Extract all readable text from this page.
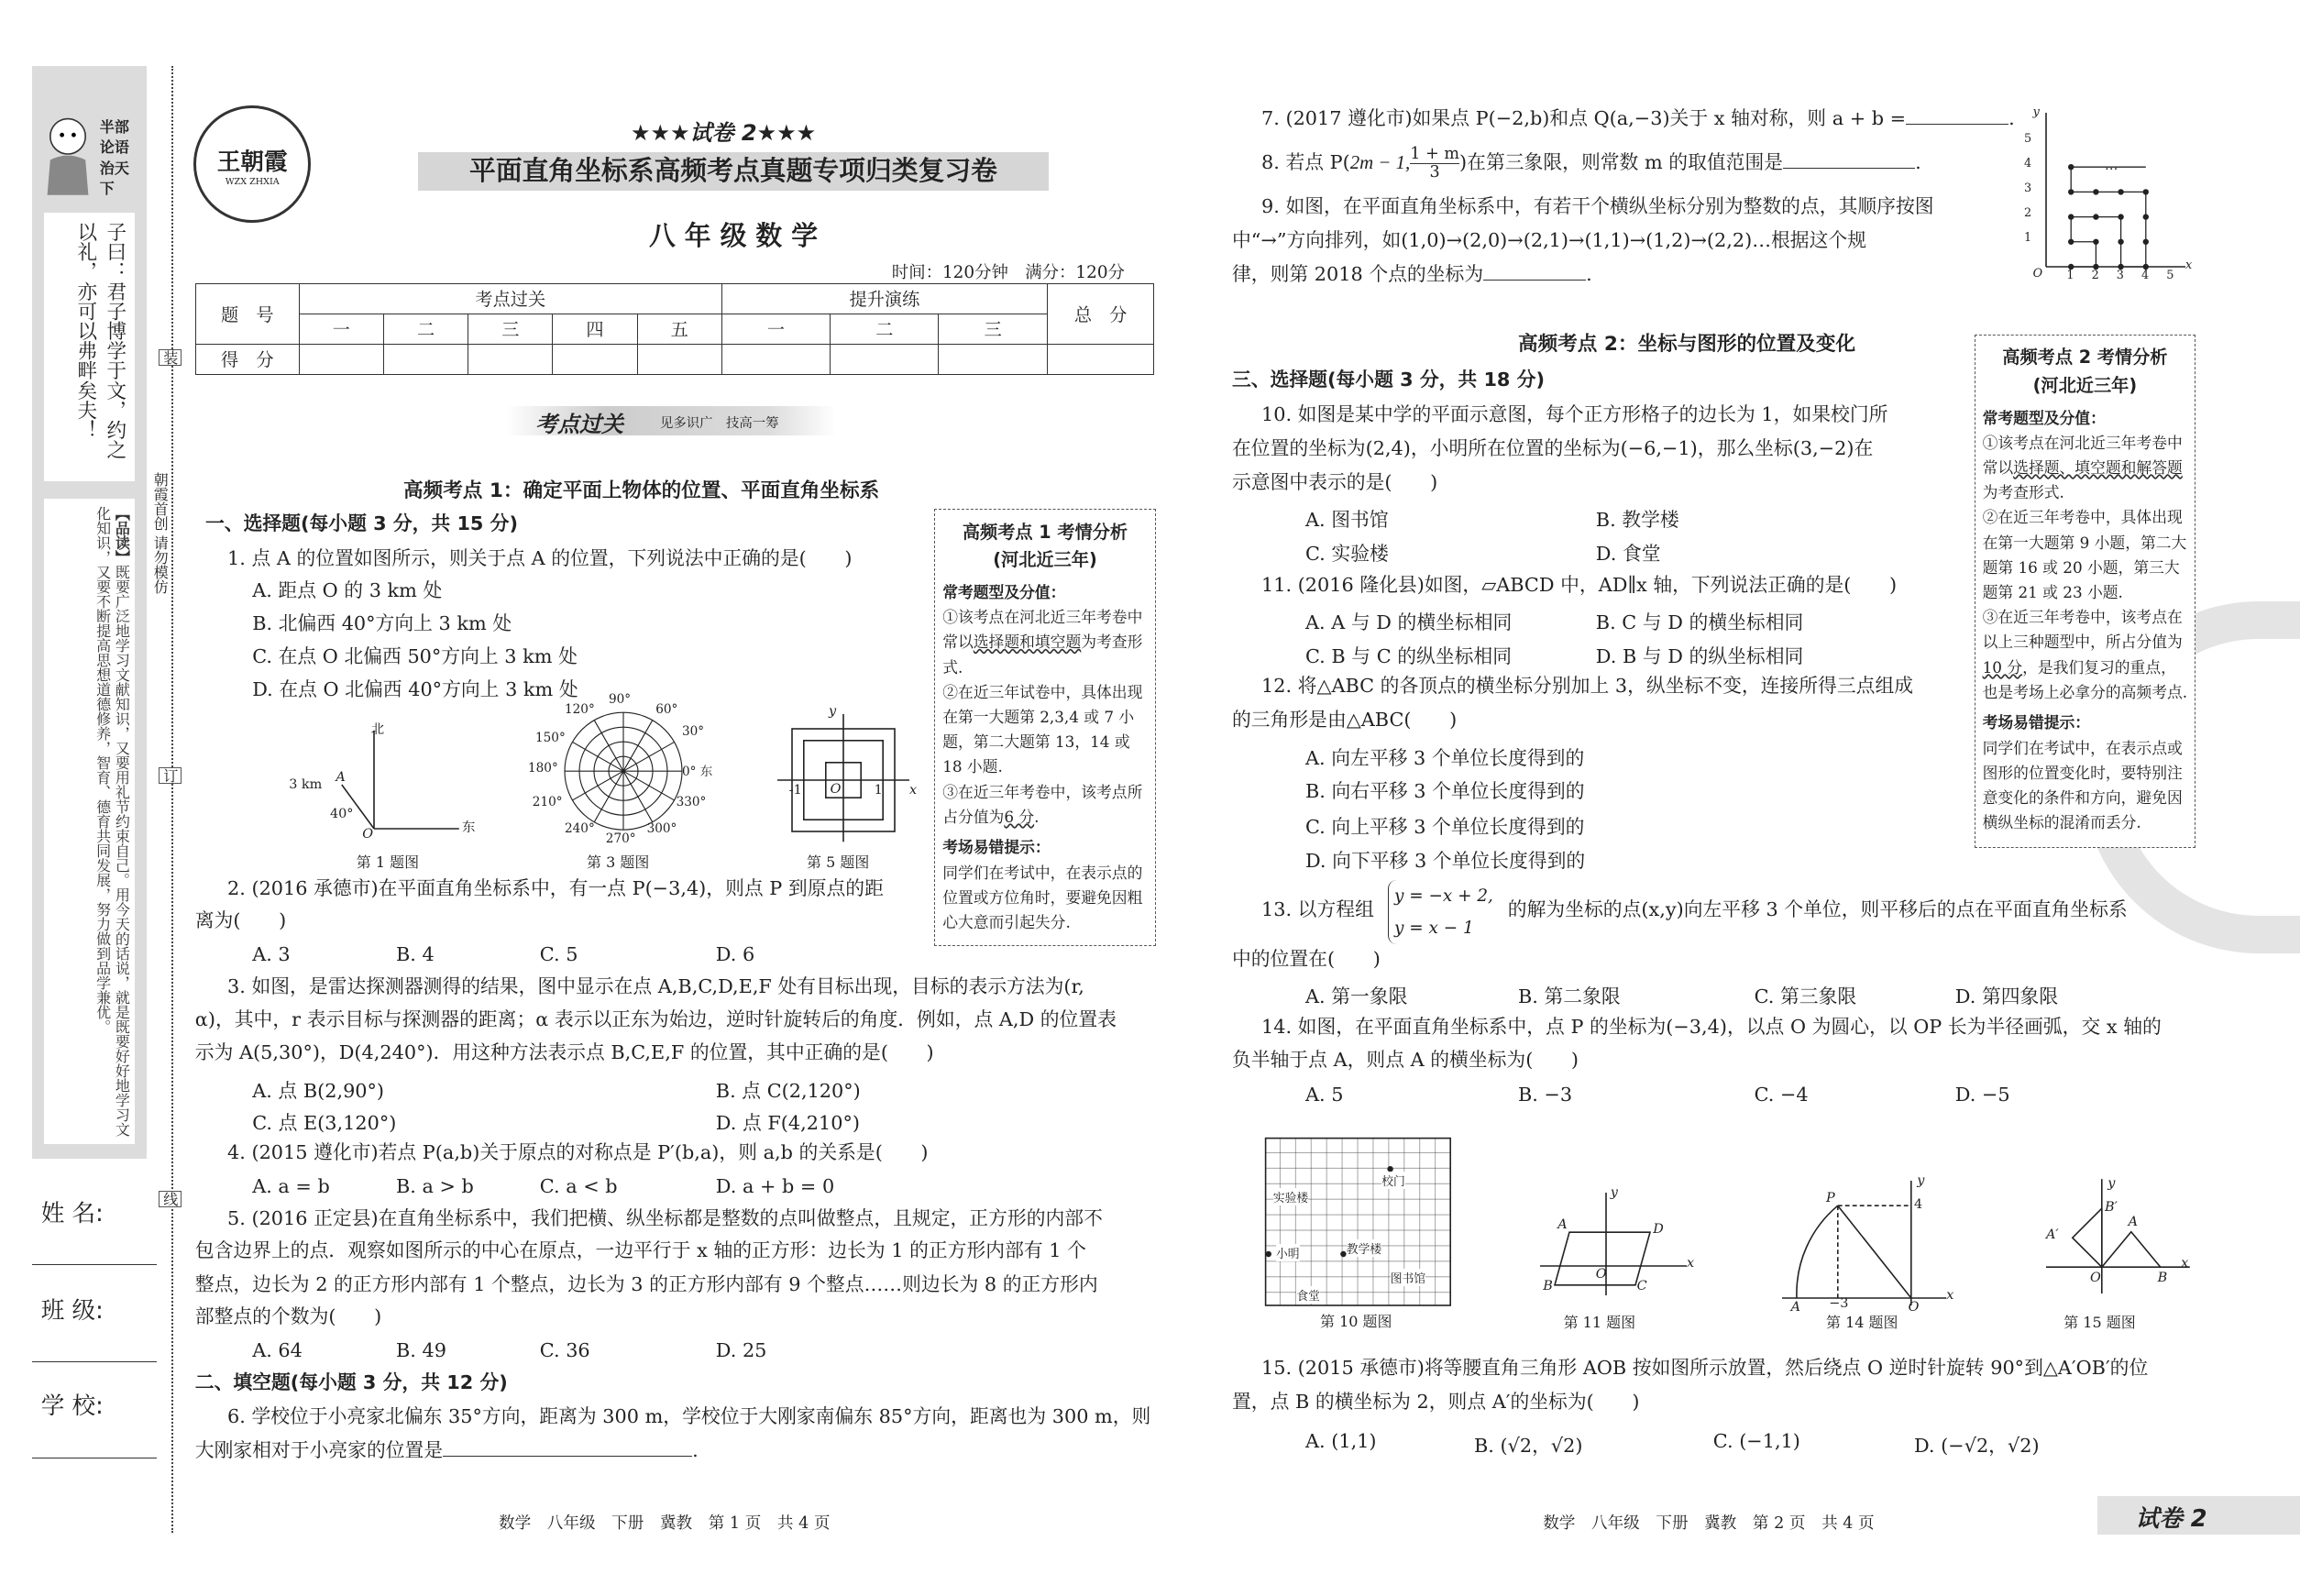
半部论语
治天下
子曰：君子博学于文，约之以礼，亦可以弗畔矣夫！
【品读】既要广泛地学习文献知识，又要用礼节约束自己。用今天的话说，就是既要好好地学习文化知识，又要不断提高思想道德修养，智育、德育共同发展，努力做到品学兼优。
姓 名:
班 级:
学 校:
装
订
线
朝霞首创 请勿模仿
王朝霞
WZX ZHXIA
★★★试卷 2★★★
平面直角坐标系高频考点真题专项归类复习卷
八 年 级 数 学
时间：120分钟　满分：120分
题　号	考点过关					提升演练			总　分
	一	二	三	四	五	一	二	三	
得　分									
考点过关	见多识广　技高一筹
高频考点 1：确定平面上物体的位置、平面直角坐标系
一、选择题(每小题 3 分，共 15 分)
1. 点 A 的位置如图所示，则关于点 A 的位置，下列说法中正确的是(　　)
A. 距点 O 的 3 km 处
B. 北偏西 40°方向上 3 km 处
C. 在点 O 北偏西 50°方向上 3 km 处
D. 在点 O 北偏西 40°方向上 3 km 处
北
东
3 km A
40°
O
第 1 题图
90°
120°	60°
150°	30°
180°	0° 东
210°	330°
240°
270°
300°
第 3 题图
y
x
O	1
-1
第 5 题图
高频考点 1 考情分析
(河北近三年)
常考题型及分值：
①该考点在河北近三年考卷中常以选择题和填空题为考查形式.
②在近三年试卷中，具体出现在第一大题第 2,3,4 或 7 小题，第二大题第 13，14 或 18 小题.
③在近三年考卷中，该考点所占分值为6 分.
考场易错提示：
同学们在考试中，在表示点的位置或方位角时，要避免因粗心大意而引起失分.
2. (2016 承德市)在平面直角坐标系中，有一点 P(−3,4)，则点 P 到原点的距
离为(　　)
A. 3	B. 4	C. 5	D. 6
3. 如图，是雷达探测器测得的结果，图中显示在点 A,B,C,D,E,F 处有目标出现，目标的表示方法为(r,
α)，其中，r 表示目标与探测器的距离；α 表示以正东为始边，逆时针旋转后的角度．例如，点 A,D 的位置表
示为 A(5,30°)，D(4,240°)．用这种方法表示点 B,C,E,F 的位置，其中正确的是(　　)
A. 点 B(2,90°)	B. 点 C(2,120°)
C. 点 E(3,120°)	D. 点 F(4,210°)
4. (2015 遵化市)若点 P(a,b)关于原点的对称点是 P′(b,a)，则 a,b 的关系是(　　)
A. a = b	B. a > b	C. a < b	D. a + b = 0
5. (2016 正定县)在直角坐标系中，我们把横、纵坐标都是整数的点叫做整点，且规定，正方形的内部不
包含边界上的点．观察如图所示的中心在原点，一边平行于 x 轴的正方形：边长为 1 的正方形内部有 1 个
整点，边长为 2 的正方形内部有 1 个整点，边长为 3 的正方形内部有 9 个整点……则边长为 8 的正方形内
部整点的个数为(　　)
A. 64	B. 49	C. 36	D. 25
二、填空题(每小题 3 分，共 12 分)
6. 学校位于小亮家北偏东 35°方向，距离为 300 m，学校位于大刚家南偏东 85°方向，距离也为 300 m，则
大刚家相对于小亮家的位置是	.
数学　八年级　下册　冀教　第 1 页　共 4 页
7. (2017 遵化市)如果点 P(−2,b)和点 Q(a,−3)关于 x 轴对称，则 a + b =	.
8. 若点 P(2m − 1, $\frac{1 + m}{3}$ )在第三象限，则常数 m 的取值范围是	.
9. 如图，在平面直角坐标系中，有若干个横纵坐标分别为整数的点，其顺序按图
中“→”方向排列，如(1,0)→(2,0)→(2,1)→(1,1)→(1,2)→(2,2)…根据这个规
律，则第 2018 个点的坐标为	.
y
5
4
3
2
1
…
O 1 2 3 4 5
x
高频考点 2：坐标与图形的位置及变化
三、选择题(每小题 3 分，共 18 分)
10. 如图是某中学的平面示意图，每个正方形格子的边长为 1，如果校门所
在位置的坐标为(2,4)，小明所在位置的坐标为(−6,−1)，那么坐标(3,−2)在
示意图中表示的是(　　)
A. 图书馆	B. 教学楼
C. 实验楼	D. 食堂
11. (2016 隆化县)如图，▱ABCD 中，AD∥x 轴，下列说法正确的是(　　)
A. A 与 D 的横坐标相同	B. C 与 D 的横坐标相同
C. B 与 C 的纵坐标相同	D. B 与 D 的纵坐标相同
12. 将△ABC 的各顶点的横坐标分别加上 3，纵坐标不变，连接所得三点组成
的三角形是由△ABC(　　)
A. 向左平移 3 个单位长度得到的
B. 向右平移 3 个单位长度得到的
C. 向上平移 3 个单位长度得到的
D. 向下平移 3 个单位长度得到的
13. 以方程组
y = −x + 2,
y = x − 1
的解为坐标的点(x,y)向左平移 3 个单位，则平移后的点在平面直角坐标系
中的位置在(　　)
A. 第一象限	B. 第二象限	C. 第三象限	D. 第四象限
14. 如图，在平面直角坐标系中，点 P 的坐标为(−3,4)，以点 O 为圆心，以 OP 长为半径画弧，交 x 轴的
负半轴于点 A，则点 A 的横坐标为(　　)
A. 5	B. −3	C. −4	D. −5
校门
实验楼
小明	教学楼
图书馆
食堂
第 10 题图
A	D
B	C
O
x
y
第 11 题图
P	4
A −3	O
x
y
第 14 题图
A′
B′
A
B
O
x
y
第 15 题图
15. (2015 承德市)将等腰直角三角形 AOB 按如图所示放置，然后绕点 O 逆时针旋转 90°到△A′OB′的位
置，点 B 的横坐标为 2，则点 A′的坐标为(　　)
A. (1,1)	B. (√2，√2)	C. (−1,1)	D. (−√2，√2)
高频考点 2 考情分析
(河北近三年)
常考题型及分值：
①该考点在河北近三年考卷中常以选择题、填空题和解答题为考查形式.
②在近三年考卷中，具体出现在第一大题第 9 小题，第二大题第 16 或 20 小题，第三大题第 21 或 23 小题.
③在近三年考卷中，该考点在以上三种题型中，所占分值为10 分，是我们复习的重点，也是考场上必拿分的高频考点.
考场易错提示：
同学们在考试中，在表示点或图形的位置变化时，要特别注意变化的条件和方向，避免因横纵坐标的混淆而丢分.
数学　八年级　下册　冀教　第 2 页　共 4 页	试卷 2
